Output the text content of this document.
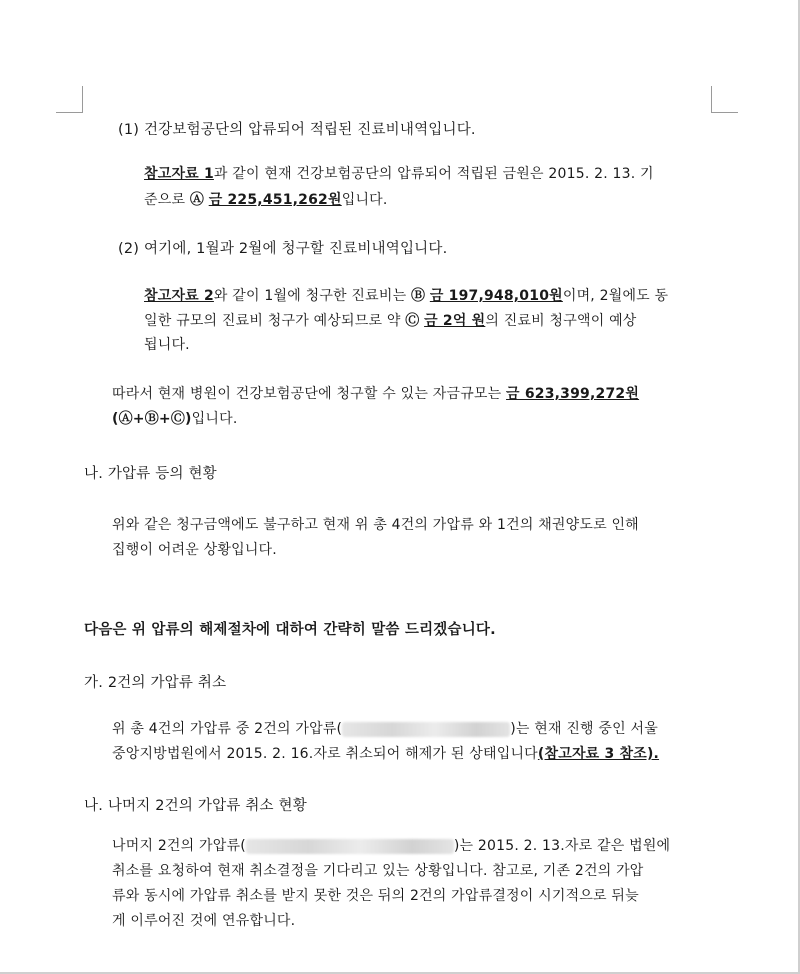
(1) 건강보험공단의 압류되어 적립된 진료비내역입니다.
참고자료 1과 같이 현재 건강보험공단의 압류되어 적립된 금원은 2015. 2. 13. 기
준으로 Ⓐ 금 225,451,262원입니다.
(2) 여기에, 1월과 2월에 청구할 진료비내역입니다.
참고자료 2와 같이 1월에 청구한 진료비는 Ⓑ 금 197,948,010원이며, 2월에도 동
일한 규모의 진료비 청구가 예상되므로 약 Ⓒ 금 2억 원의 진료비 청구액이 예상
됩니다.
따라서 현재 병원이 건강보험공단에 청구할 수 있는 자금규모는 금 623,399,272원
(Ⓐ+Ⓑ+Ⓒ)입니다.
나. 가압류 등의 현황
위와 같은 청구금액에도 불구하고 현재 위 총 4건의 가압류 와 1건의 채권양도로 인해
집행이 어려운 상황입니다.
다음은 위 압류의 해제절차에 대하여 간략히 말씀 드리겠습니다.
가. 2건의 가압류 취소
위 총 4건의 가압류 중 2건의 가압류(	)는 현재 진행 중인 서울
중앙지방법원에서 2015. 2. 16.자로 취소되어 해제가 된 상태입니다(참고자료 3 참조).
나. 나머지 2건의 가압류 취소 현황
나머지 2건의 가압류(	)는 2015. 2. 13.자로 같은 법원에
취소를 요청하여 현재 취소결정을 기다리고 있는 상황입니다. 참고로, 기존 2건의 가압
류와 동시에 가압류 취소를 받지 못한 것은 뒤의 2건의 가압류결정이 시기적으로 뒤늦
게 이루어진 것에 연유합니다.
